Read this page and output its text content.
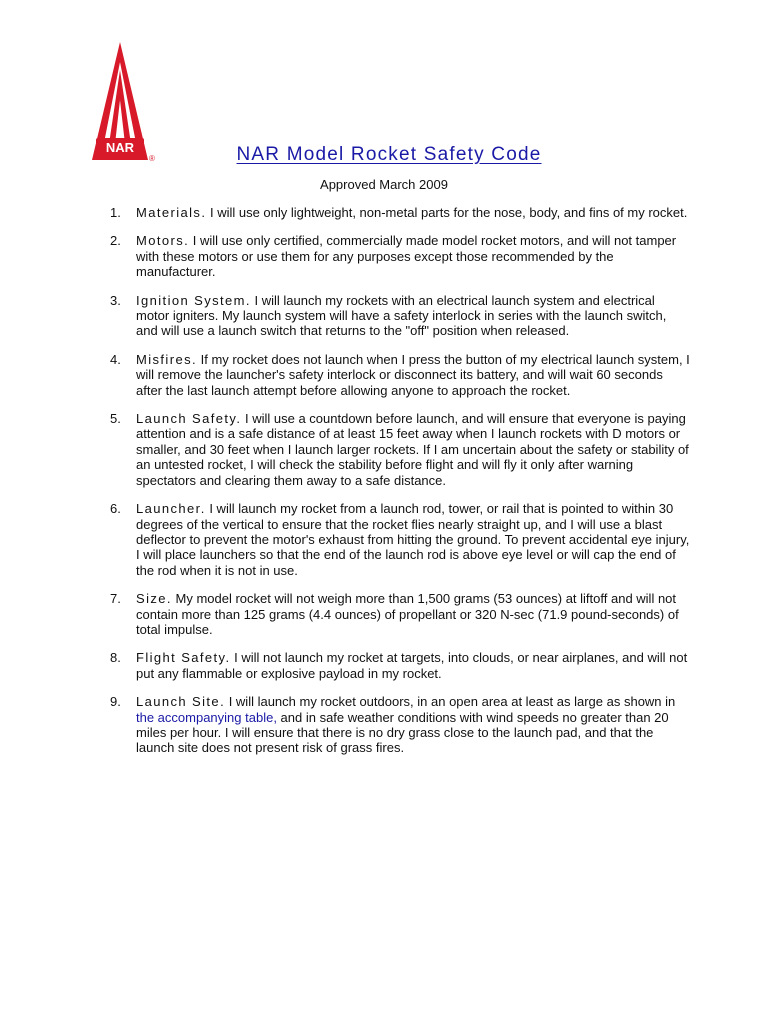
NAR
®	NAR Model Rocket Safety Code
Approved March 2009
1.	Materials. I will use only lightweight, non-metal parts for the nose, body, and fins of my rocket.
2.	Motors. I will use only certified, commercially made model rocket motors, and will not tamper with these motors or use them for any purposes except those recommended by the manufacturer.
3.	Ignition System. I will launch my rockets with an electrical launch system and electrical motor igniters. My launch system will have a safety interlock in series with the launch switch, and will use a launch switch that returns to the "off" position when released.
4.	Misfires. If my rocket does not launch when I press the button of my electrical launch system, I will remove the launcher's safety interlock or disconnect its battery, and will wait 60 seconds after the last launch attempt before allowing anyone to approach the rocket.
5.	Launch Safety. I will use a countdown before launch, and will ensure that everyone is paying attention and is a safe distance of at least 15 feet away when I launch rockets with D motors or smaller, and 30 feet when I launch larger rockets. If I am uncertain about the safety or stability of an untested rocket, I will check the stability before flight and will fly it only after warning spectators and clearing them away to a safe distance.
6.	Launcher. I will launch my rocket from a launch rod, tower, or rail that is pointed to within 30 degrees of the vertical to ensure that the rocket flies nearly straight up, and I will use a blast deflector to prevent the motor's exhaust from hitting the ground. To prevent accidental eye injury, I will place launchers so that the end of the launch rod is above eye level or will cap the end of the rod when it is not in use.
7.	Size. My model rocket will not weigh more than 1,500 grams (53 ounces) at liftoff and will not contain more than 125 grams (4.4 ounces) of propellant or 320 N-sec (71.9 pound-seconds) of total impulse.
8.	Flight Safety. I will not launch my rocket at targets, into clouds, or near airplanes, and will not put any flammable or explosive payload in my rocket.
9.	Launch Site. I will launch my rocket outdoors, in an open area at least as large as shown in the accompanying table, and in safe weather conditions with wind speeds no greater than 20 miles per hour. I will ensure that there is no dry grass close to the launch pad, and that the launch site does not present risk of grass fires.
